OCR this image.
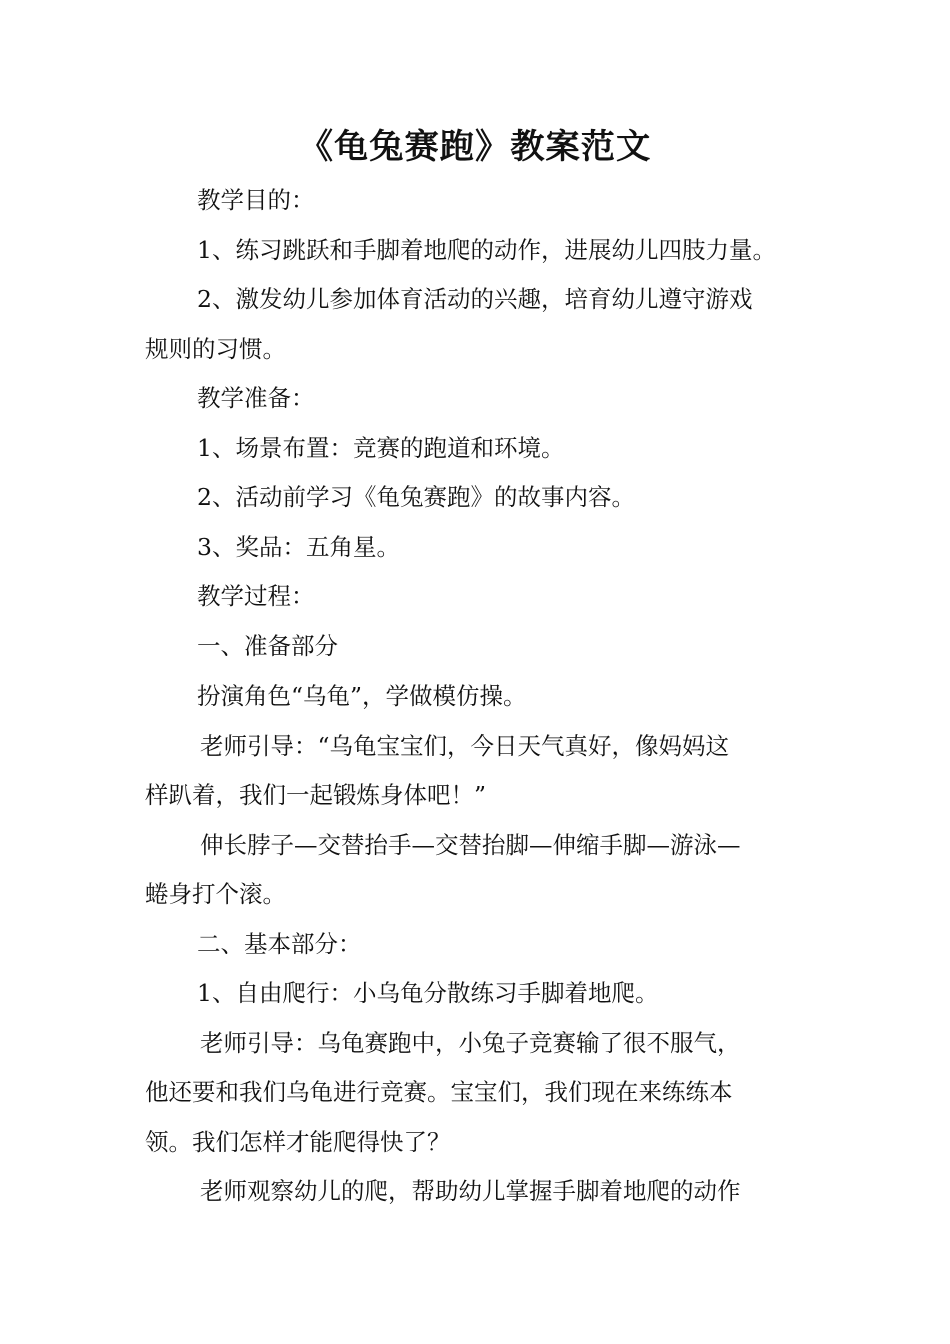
《龟兔赛跑》教案范文
教学目的：
1、练习跳跃和手脚着地爬的动作，进展幼儿四肢力量。
2、激发幼儿参加体育活动的兴趣，培育幼儿遵守游戏
规则的习惯。
教学准备：
1、场景布置：竞赛的跑道和环境。
2、活动前学习《龟兔赛跑》的故事内容。
3、奖品：五角星。
教学过程：
一、准备部分
扮演角色“乌龟”，学做模仿操。
老师引导：“乌龟宝宝们，今日天气真好，像妈妈这
样趴着，我们一起锻炼身体吧！”
伸长脖子—交替抬手—交替抬脚—伸缩手脚—游泳—
蜷身打个滚。
二、基本部分：
1、自由爬行：小乌龟分散练习手脚着地爬。
老师引导：乌龟赛跑中，小兔子竞赛输了很不服气，
他还要和我们乌龟进行竞赛。宝宝们，我们现在来练练本
领。我们怎样才能爬得快了？
老师观察幼儿的爬，帮助幼儿掌握手脚着地爬的动作
